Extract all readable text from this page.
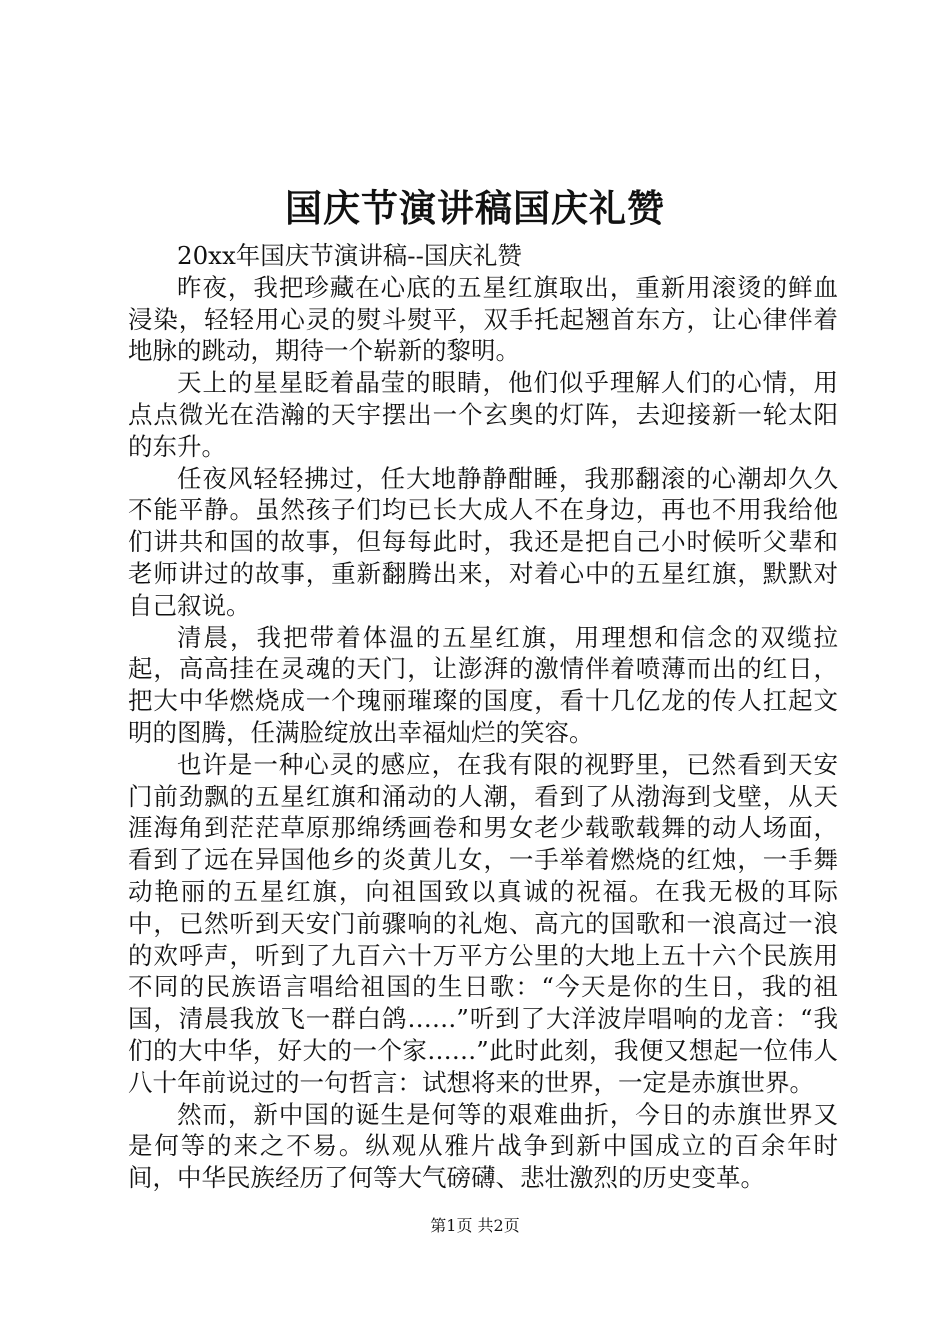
国庆节演讲稿国庆礼赞

20xx年国庆节演讲稿--国庆礼赞

昨夜，我把珍藏在心底的五星红旗取出，重新用滚烫的鲜血浸染，轻轻用心灵的熨斗熨平，双手托起翘首东方，让心律伴着地脉的跳动，期待一个崭新的黎明。

天上的星星眨着晶莹的眼睛，他们似乎理解人们的心情，用点点微光在浩瀚的天宇摆出一个玄奥的灯阵，去迎接新一轮太阳的东升。

任夜风轻轻拂过，任大地静静酣睡，我那翻滚的心潮却久久不能平静。虽然孩子们均已长大成人不在身边，再也不用我给他们讲共和国的故事，但每每此时，我还是把自己小时候听父辈和老师讲过的故事，重新翻腾出来，对着心中的五星红旗，默默对自己叙说。

清晨，我把带着体温的五星红旗，用理想和信念的双缆拉起，高高挂在灵魂的天门，让澎湃的激情伴着喷薄而出的红日，把大中华燃烧成一个瑰丽璀璨的国度，看十几亿龙的传人扛起文明的图腾，任满脸绽放出幸福灿烂的笑容。

也许是一种心灵的感应，在我有限的视野里，已然看到天安门前劲飘的五星红旗和涌动的人潮，看到了从渤海到戈壁，从天涯海角到茫茫草原那绵绣画卷和男女老少载歌载舞的动人场面，看到了远在异国他乡的炎黄儿女，一手举着燃烧的红烛，一手舞动艳丽的五星红旗，向祖国致以真诚的祝福。在我无极的耳际中，已然听到天安门前骤响的礼炮、高亢的国歌和一浪高过一浪的欢呼声，听到了九百六十万平方公里的大地上五十六个民族用不同的民族语言唱给祖国的生日歌：“今天是你的生日，我的祖国，清晨我放飞一群白鸽……”听到了大洋波岸唱响的龙音：“我们的大中华，好大的一个家……”此时此刻，我便又想起一位伟人八十年前说过的一句哲言：试想将来的世界，一定是赤旗世界。

然而，新中国的诞生是何等的艰难曲折，今日的赤旗世界又是何等的来之不易。纵观从雅片战争到新中国成立的百余年时间，中华民族经历了何等大气磅礴、悲壮激烈的历史变革。

第1页 共2页
